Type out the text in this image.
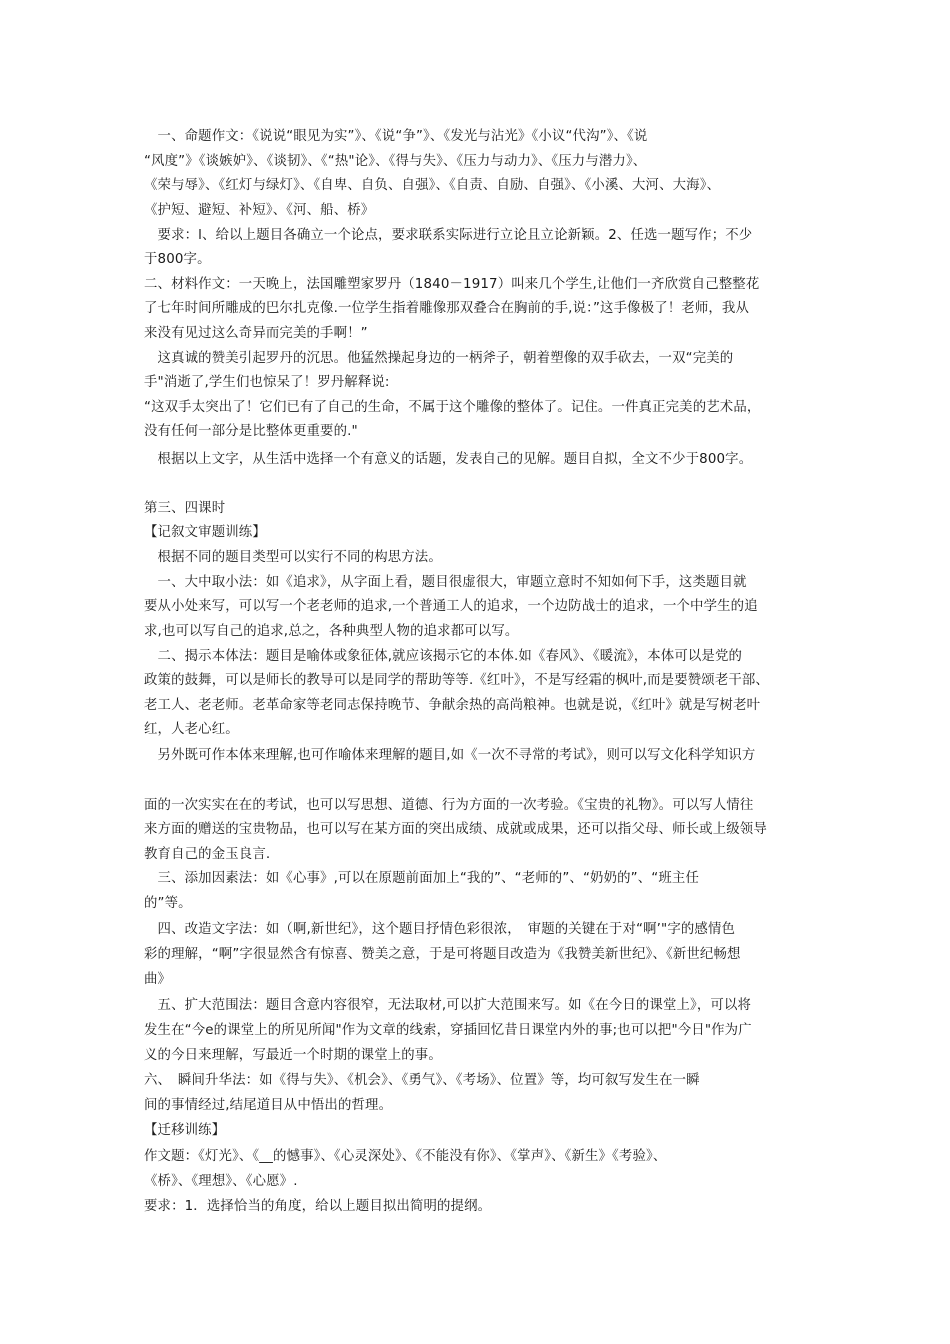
　一、命题作文：《说说“眼见为实”》、《说“争”》、《发光与沾光》《小议“代沟”》、《说
“风度”》《谈嫉妒》、《谈韧》、《“热"论》、《得与失》、《压力与动力》、《压力与潜力》、
《荣与辱》、《红灯与绿灯》、《自卑、自负、自强》、《自责、自励、自强》、《小溪、大河、大海》、
《护短、避短、补短》、《河、船、桥》
　要求：l、给以上题目各确立一个论点，要求联系实际进行立论且立论新颖。2、任选一题写作；不少
于800字。
二、材料作文：一天晚上，法国雕塑家罗丹（1840－1917）叫来几个学生,让他们一齐欣赏自己整整花
了七年时间所雕成的巴尔扎克像.一位学生指着雕像那双叠合在胸前的手,说：”这手像极了！老师，我从
来没有见过这么奇异而完美的手啊！”
　这真诚的赞美引起罗丹的沉思。他猛然操起身边的一柄斧子，朝着塑像的双手砍去，一双“完美的
手"消逝了,学生们也惊呆了！罗丹解释说:
“这双手太突出了！它们已有了自己的生命，不属于这个雕像的整体了。记住。一件真正完美的艺术品，
没有任何一部分是比整体更重要的."
　根据以上文字，从生活中选择一个有意义的话题，发表自己的见解。题目自拟，全文不少于800字。
第三、四课时
【记叙文审题训练】
　根据不同的题目类型可以实行不同的构思方法。
　一、大中取小法：如《追求》，从字面上看，题目很虚很大，审题立意时不知如何下手，这类题目就
要从小处来写，可以写一个老老师的追求,一个普通工人的追求，一个边防战士的追求，一个中学生的追
求,也可以写自己的追求,总之，各种典型人物的追求都可以写。
　二、揭示本体法：题目是喻体或象征体,就应该揭示它的本体.如《春风》、《暖流》，本体可以是党的
政策的鼓舞，可以是师长的教导可以是同学的帮助等等.《红叶》，不是写经霜的枫叶,而是要赞颂老干部、
老工人、老老师。老革命家等老同志保持晚节、争献余热的高尚粮神。也就是说，《红叶》就是写树老叶
红，人老心红。
　另外既可作本体来理解,也可作喻体来理解的题目,如《一次不寻常的考试》，则可以写文化科学知识方
面的一次实实在在的考试，也可以写思想、道德、行为方面的一次考验。《宝贵的礼物》。可以写人情往
来方面的赠送的宝贵物品，也可以写在某方面的突出成绩、成就或成果，还可以指父母、师长或上级领导
教育自己的金玉良言.
　三、添加因素法：如《心事》,可以在原题前面加上“我的”、“老师的”、“奶奶的”、“班主任
的”等。
　四、改造文字法：如（啊,新世纪》，这个题目抒情色彩很浓，　审题的关键在于对“啊’"字的感情色
彩的理解，“啊”字很显然含有惊喜、赞美之意，于是可将题目改造为《我赞美新世纪》、《新世纪畅想
曲》
　五、扩大范围法：题目含意内容很窄，无法取材,可以扩大范围来写。如《在今日的课堂上》，可以将
发生在“今e的课堂上的所见所闻"作为文章的线索，穿插回忆昔日课堂内外的事;也可以把"今日"作为广
义的今日来理解，写最近一个时期的课堂上的事。
六、　瞬间升华法：如《得与失》、《机会》、《勇气》、《考场》、位置》等，均可叙写发生在一瞬
间的事情经过,结尾道目从中悟出的哲理。
【迁移训练】
作文题：《灯光》、《__的憾事》、《心灵深处》、《不能没有你》、《掌声》、《新生》《考验》、
《桥》、《理想》、《心愿》.
要求：1．选择恰当的角度，给以上题目拟出简明的提纲。
